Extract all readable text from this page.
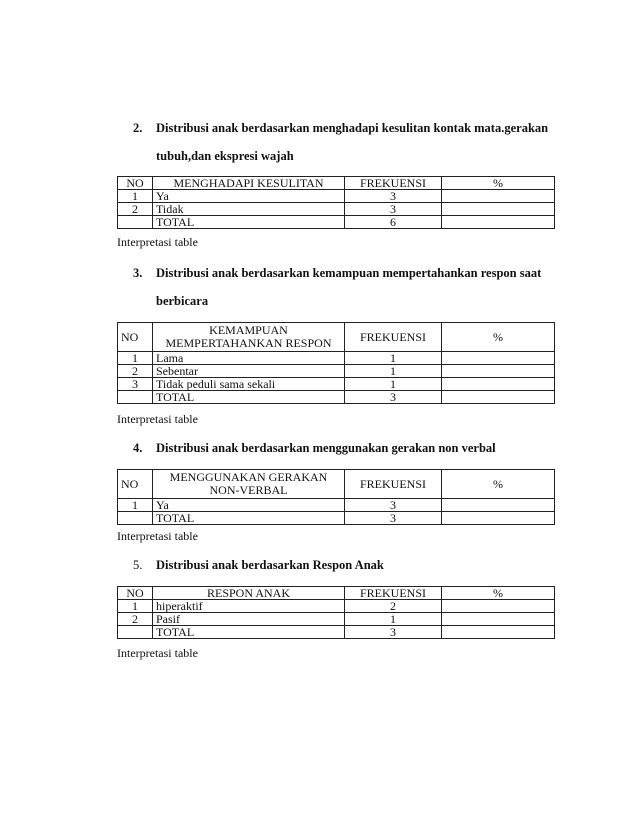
2. Distribusi anak berdasarkan menghadapi kesulitan kontak mata.gerakan
tubuh,dan ekspresi wajah
NO	MENGHADAPI KESULITAN	FREKUENSI	%
1	Ya	3	
2	Tidak	3	
	TOTAL	6	
Interpretasi table
3. Distribusi anak berdasarkan kemampuan mempertahankan respon saat
berbicara
NO	KEMAMPUAN
MEMPERTAHANKAN RESPON	FREKUENSI	%
1	Lama	1	
2	Sebentar	1	
3	Tidak peduli sama sekali	1	
	TOTAL	3	
Interpretasi table
4. Distribusi anak berdasarkan menggunakan gerakan non verbal
NO	MENGGUNAKAN GERAKAN
NON-VERBAL	FREKUENSI	%
1	Ya	3	
	TOTAL	3	
Interpretasi table
5. Distribusi anak berdasarkan Respon Anak
NO	RESPON ANAK	FREKUENSI	%
1	hiperaktif	2	
2	Pasif	1	
	TOTAL	3	
Interpretasi table
